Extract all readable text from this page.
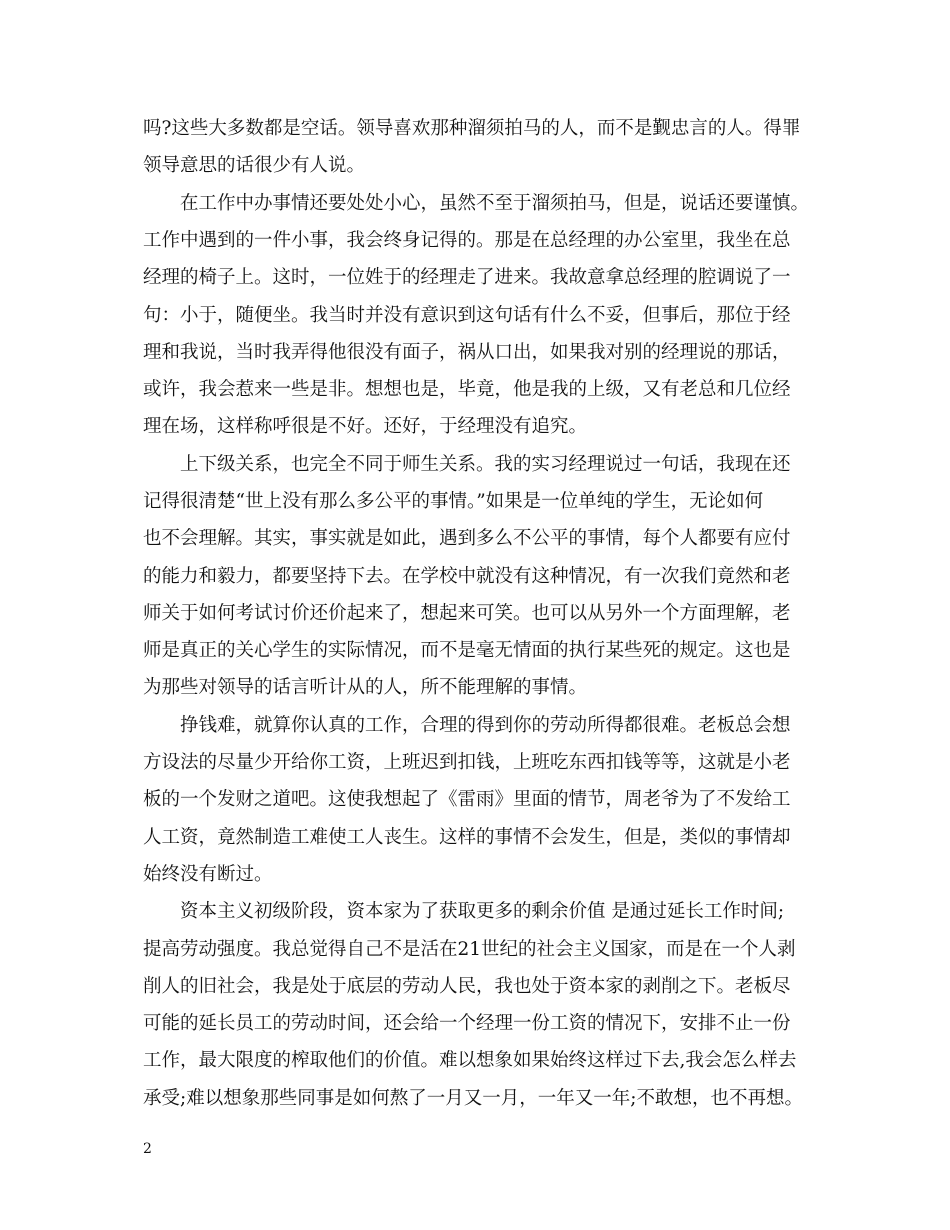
吗?这些大多数都是空话。领导喜欢那种溜须拍马的人，而不是觐忠言的人。得罪
领导意思的话很少有人说。
在工作中办事情还要处处小心，虽然不至于溜须拍马，但是，说话还要谨慎。
工作中遇到的一件小事，我会终身记得的。那是在总经理的办公室里，我坐在总
经理的椅子上。这时，一位姓于的经理走了进来。我故意拿总经理的腔调说了一
句：小于，随便坐。我当时并没有意识到这句话有什么不妥，但事后，那位于经
理和我说，当时我弄得他很没有面子，祸从口出，如果我对别的经理说的那话，
或许，我会惹来一些是非。想想也是，毕竟，他是我的上级，又有老总和几位经
理在场，这样称呼很是不好。还好，于经理没有追究。
上下级关系，也完全不同于师生关系。我的实习经理说过一句话，我现在还
记得很清楚“世上没有那么多公平的事情。”如果是一位单纯的学生，无论如何
也不会理解。其实，事实就是如此，遇到多么不公平的事情，每个人都要有应付
的能力和毅力，都要坚持下去。在学校中就没有这种情况，有一次我们竟然和老
师关于如何考试讨价还价起来了，想起来可笑。也可以从另外一个方面理解，老
师是真正的关心学生的实际情况，而不是毫无情面的执行某些死的规定。这也是
为那些对领导的话言听计从的人，所不能理解的事情。
挣钱难，就算你认真的工作，合理的得到你的劳动所得都很难。老板总会想
方设法的尽量少开给你工资，上班迟到扣钱，上班吃东西扣钱等等，这就是小老
板的一个发财之道吧。这使我想起了《雷雨》里面的情节，周老爷为了不发给工
人工资，竟然制造工难使工人丧生。这样的事情不会发生，但是，类似的事情却
始终没有断过。
资本主义初级阶段，资本家为了获取更多的剩余价值 是通过延长工作时间;
提高劳动强度。我总觉得自己不是活在21世纪的社会主义国家，而是在一个人剥
削人的旧社会，我是处于底层的劳动人民，我也处于资本家的剥削之下。老板尽
可能的延长员工的劳动时间，还会给一个经理一份工资的情况下，安排不止一份
工作，最大限度的榨取他们的价值。难以想象如果始终这样过下去,我会怎么样去
承受;难以想象那些同事是如何熬了一月又一月，一年又一年;不敢想，也不再想。
2
